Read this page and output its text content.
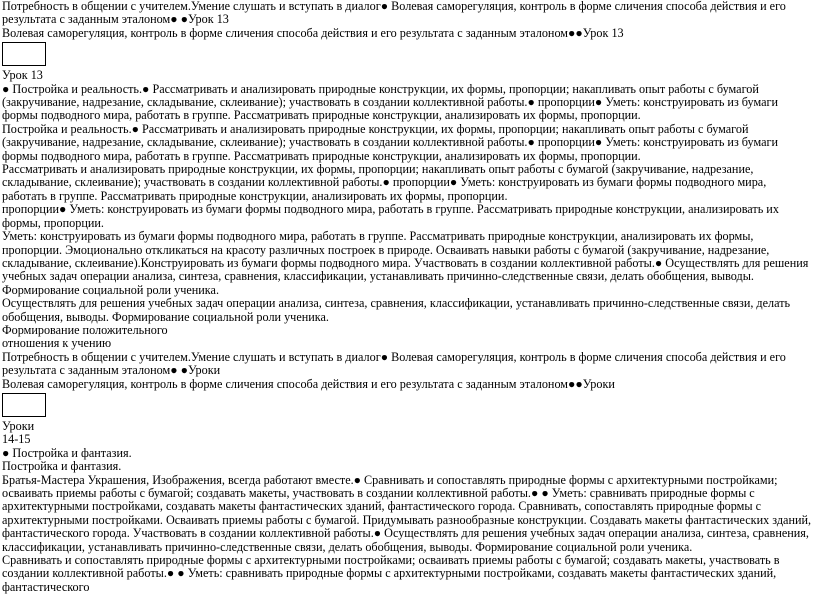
Потребность в общении с учителем.Умение слушать и вступать в диалог● Волевая саморегуляция, контроль в форме сличения способа действия и его результата с заданным эталоном● ●Урок 13

Волевая саморегуляция, контроль в форме сличения способа действия и его результата с заданным эталоном●●Урок 13

Урок 13

● Постройка и реальность.● Рассматривать и анализировать природные конструкции, их формы, пропорции; накапливать опыт работы с бумагой (закручивание, надрезание, складывание, склеивание); участвовать в создании коллективной работы.● пропорции● Уметь: конструировать из бумаги формы подводного мира, работать в группе. Рассматривать природные конструкции, анализировать их формы, пропорции.

Постройка и реальность.● Рассматривать и анализировать природные конструкции, их формы, пропорции; накапливать опыт работы с бумагой (закручивание, надрезание, складывание, склеивание); участвовать в создании коллективной работы.● пропорции● Уметь: конструировать из бумаги формы подводного мира, работать в группе. Рассматривать природные конструкции, анализировать их формы, пропорции.

Рассматривать и анализировать природные конструкции, их формы, пропорции; накапливать опыт работы с бумагой (закручивание, надрезание, складывание, склеивание); участвовать в создании коллективной работы.● пропорции● Уметь: конструировать из бумаги формы подводного мира, работать в группе. Рассматривать природные конструкции, анализировать их формы, пропорции.

пропорции● Уметь: конструировать из бумаги формы подводного мира, работать в группе. Рассматривать природные конструкции, анализировать их формы, пропорции.

Уметь: конструировать из бумаги формы подводного мира, работать в группе. Рассматривать природные конструкции, анализировать их формы, пропорции. Эмоционально откликаться на красоту различных построек в природе. Осваивать навыки работы с бумагой (закручивание, надрезание, складывание, склеивание).Конструировать из бумаги формы подводного мира. Участвовать в создании коллективной работы.● Осуществлять для решения учебных задач операции анализа, синтеза, сравнения, классификации, устанавливать причинно-следственные связи, делать обобщения, выводы. Формирование социальной роли ученика.

Осуществлять для решения учебных задач операции анализа, синтеза, сравнения, классификации, устанавливать причинно-следственные связи, делать обобщения, выводы. Формирование социальной роли ученика.

Формирование положительного

отношения к учению

Потребность в общении с учителем.Умение слушать и вступать в диалог● Волевая саморегуляция, контроль в форме сличения способа действия и его результата с заданным эталоном● ●Уроки

Волевая саморегуляция, контроль в форме сличения способа действия и его результата с заданным эталоном●●Уроки

Уроки

14-15

● Постройка и фантазия.

Постройка и фантазия.

Братья-Мастера Украшения, Изображения, всегда работают вместе.● Сравнивать и сопоставлять природные формы с архитектурными постройками; осваивать приемы работы с бумагой; создавать макеты, участвовать в создании коллективной работы.● ● Уметь: сравнивать природные формы с архитектурными постройками, создавать макеты фантастических зданий, фантастического города. Сравнивать, сопоставлять природные формы с архитектурными постройками. Осваивать приемы работы с бумагой. Придумывать разнообразные конструкции. Создавать макеты фантастических зданий, фантастического города. Участвовать в создании коллективной работы.● Осуществлять для решения учебных задач операции анализа, синтеза, сравнения, классификации, устанавливать причинно-следственные связи, делать обобщения, выводы. Формирование социальной роли ученика.

Сравнивать и сопоставлять природные формы с архитектурными постройками; осваивать приемы работы с бумагой; создавать макеты, участвовать в создании коллективной работы.● ● Уметь: сравнивать природные формы с архитектурными постройками, создавать макеты фантастических зданий, фантастического
